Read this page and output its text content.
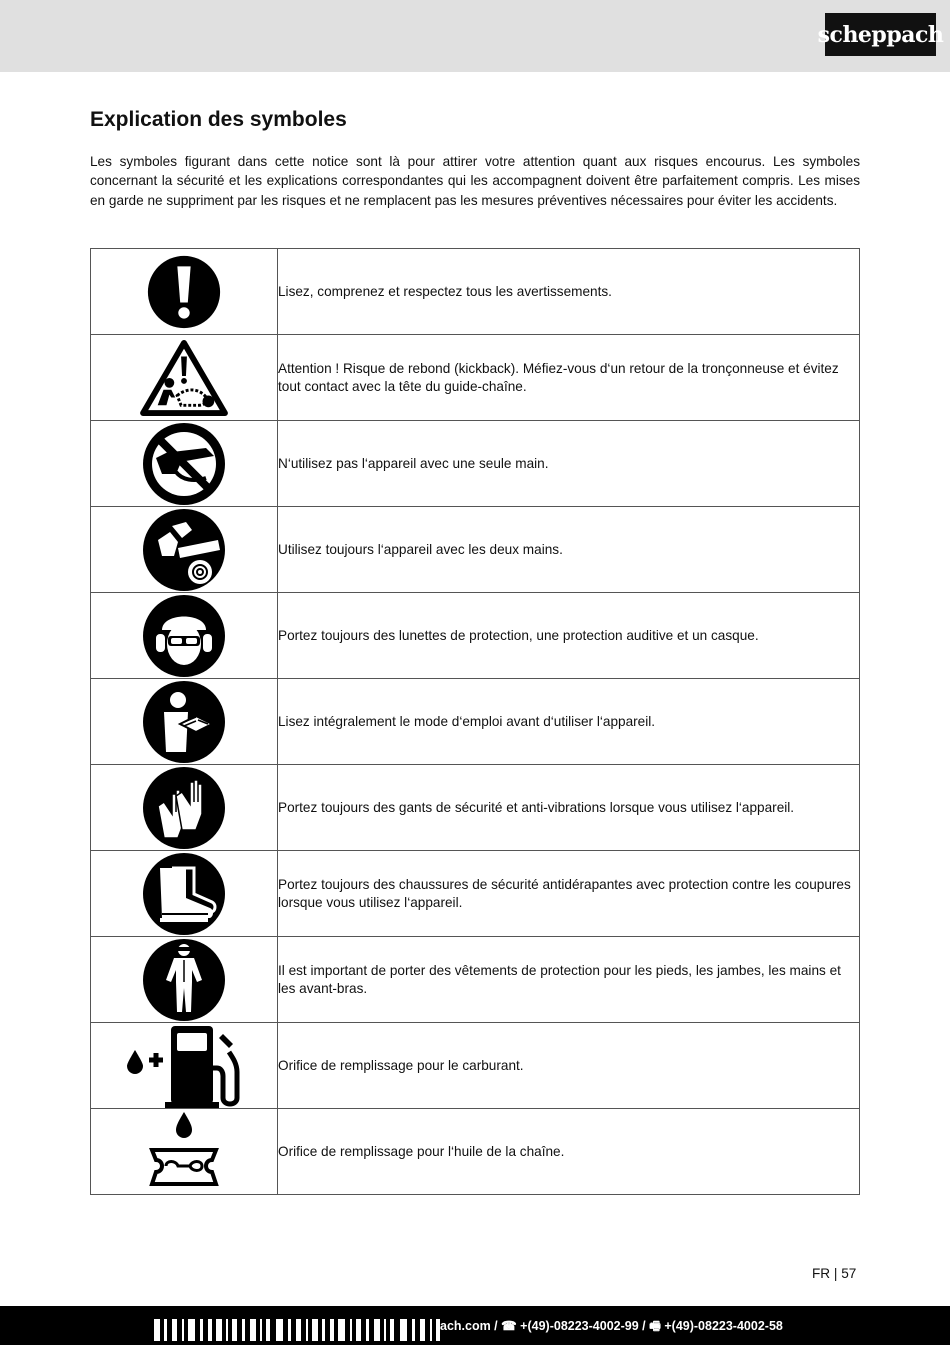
scheppach
Explication des symboles

Les symboles figurant dans cette notice sont là pour attirer votre attention quant aux risques encourus. Les symboles concernant la sécurité et les explications correspondantes qui les accompagnent doivent être parfaitement compris. Les mises en garde ne suppriment par les risques et ne remplacent pas les mesures préventives nécessaires pour éviter les accidents.

	Lisez, comprenez et respectez tous les avertissements.

	Attention ! Risque de rebond (kickback). Méfiez-vous d‘un retour de la tronçonneuse et évitez tout contact avec la tête du guide-chaîne.

	N‘utilisez pas l‘appareil avec une seule main.

	Utilisez toujours l‘appareil avec les deux mains.

	Portez toujours des lunettes de protection, une protection auditive et un casque.

	Lisez intégralement le mode d‘emploi avant d‘utiliser l‘appareil.

	Portez toujours des gants de sécurité et anti-vibrations lorsque vous utilisez l‘appareil.

	Portez toujours des chaussures de sécurité antidérapantes avec protection contre les coupures lorsque vous utilisez l‘appareil.

	Il est important de porter des vêtements de protection pour les pieds, les jambes, les mains et les avant-bras.

	Orifice de remplissage pour le carburant.

	Orifice de remplissage pour l‘huile de la chaîne.
FR | 57
ach.com / ☎ +(49)-08223-4002-99 / 🖷 +(49)-08223-4002-58
